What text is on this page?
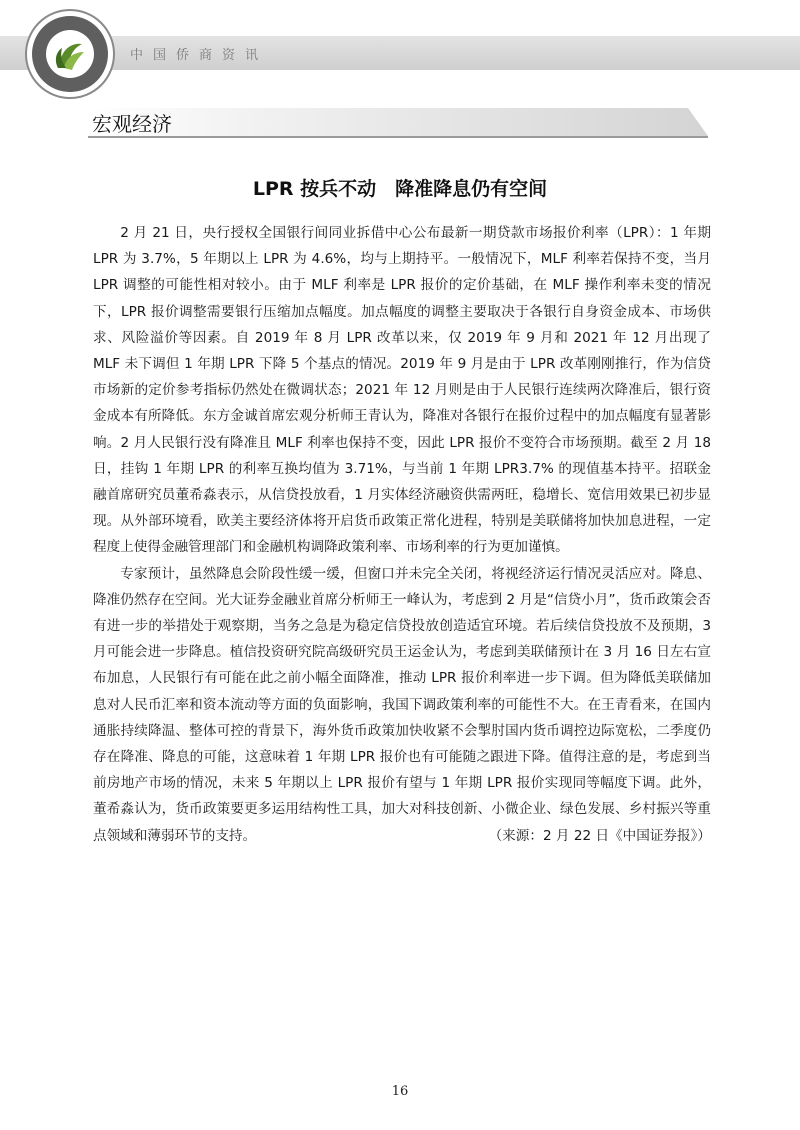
中国侨商资讯
宏观经济
LPR 按兵不动　降准降息仍有空间

2 月 21 日，央行授权全国银行间同业拆借中心公布最新一期贷款市场报价利率（LPR）：1 年期 LPR 为 3.7%，5 年期以上 LPR 为 4.6%，均与上期持平。一般情况下，MLF 利率若保持不变，当月 LPR 调整的可能性相对较小。由于 MLF 利率是 LPR 报价的定价基础，在 MLF 操作利率未变的情况下，LPR 报价调整需要银行压缩加点幅度。加点幅度的调整主要取决于各银行自身资金成本、市场供求、风险溢价等因素。自 2019 年 8 月 LPR 改革以来，仅 2019 年 9 月和 2021 年 12 月出现了 MLF 未下调但 1 年期 LPR 下降 5 个基点的情况。2019 年 9 月是由于 LPR 改革刚刚推行，作为信贷市场新的定价参考指标仍然处在微调状态；2021 年 12 月则是由于人民银行连续两次降准后，银行资金成本有所降低。东方金诚首席宏观分析师王青认为，降准对各银行在报价过程中的加点幅度有显著影响。2 月人民银行没有降准且 MLF 利率也保持不变，因此 LPR 报价不变符合市场预期。截至 2 月 18 日，挂钩 1 年期 LPR 的利率互换均值为 3.71%，与当前 1 年期 LPR3.7% 的现值基本持平。招联金融首席研究员董希淼表示，从信贷投放看，1 月实体经济融资供需两旺，稳增长、宽信用效果已初步显现。从外部环境看，欧美主要经济体将开启货币政策正常化进程，特别是美联储将加快加息进程，一定程度上使得金融管理部门和金融机构调降政策利率、市场利率的行为更加谨慎。

专家预计，虽然降息会阶段性缓一缓，但窗口并未完全关闭，将视经济运行情况灵活应对。降息、降准仍然存在空间。光大证券金融业首席分析师王一峰认为，考虑到 2 月是“信贷小月”，货币政策会否有进一步的举措处于观察期，当务之急是为稳定信贷投放创造适宜环境。若后续信贷投放不及预期，3 月可能会进一步降息。植信投资研究院高级研究员王运金认为，考虑到美联储预计在 3 月 16 日左右宣布加息，人民银行有可能在此之前小幅全面降准，推动 LPR 报价利率进一步下调。但为降低美联储加息对人民币汇率和资本流动等方面的负面影响，我国下调政策利率的可能性不大。在王青看来，在国内通胀持续降温、整体可控的背景下，海外货币政策加快收紧不会掣肘国内货币调控边际宽松，二季度仍存在降准、降息的可能，这意味着 1 年期 LPR 报价也有可能随之跟进下降。值得注意的是，考虑到当前房地产市场的情况，未来 5 年期以上 LPR 报价有望与 1 年期 LPR 报价实现同等幅度下调。此外，董希淼认为，货币政策要更多运用结构性工具，加大对科技创新、小微企业、绿色发展、乡村振兴等重点领域和薄弱环节的支持。	（来源：2 月 22 日《中国证券报》）
16
